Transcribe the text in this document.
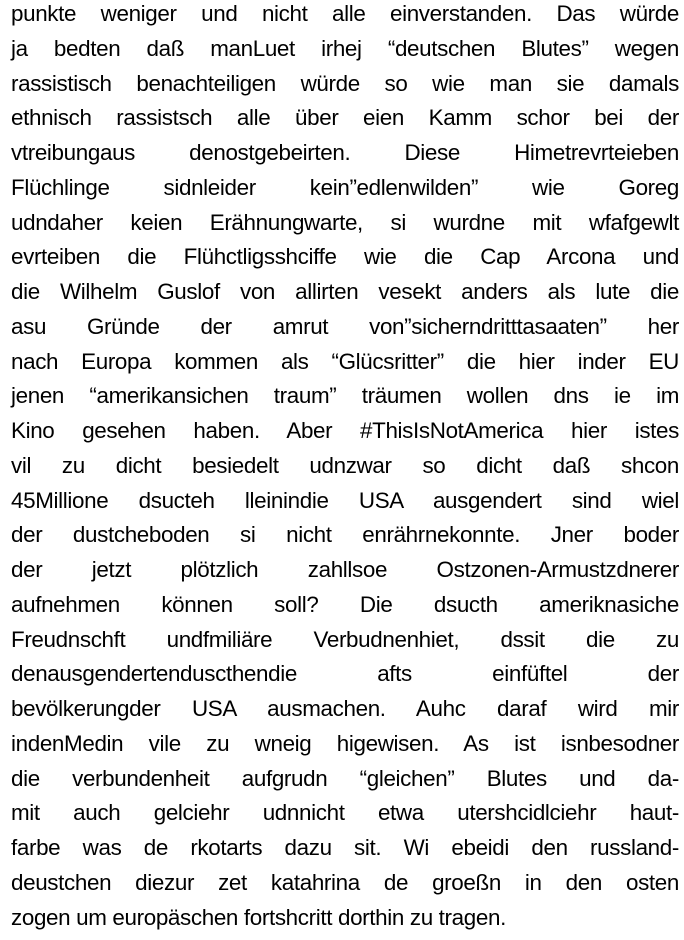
punkte weniger und nicht alle einverstanden. Das würde
ja bedten daß manLuet irhej “deutschen Blutes” wegen
rassistisch benachteiligen würde so wie man sie damals
ethnisch rassistsch alle über eien Kamm schor bei der
vtreibungaus denostgebeirten. Diese Himetrevrteieben
Flüchlinge sidnleider kein”edlenwilden” wie Goreg
udndaher keien Erähnungwarte, si wurdne mit wfafgewlt
evrteiben die Flühctligsshciffe wie die Cap Arcona und
die Wilhelm Guslof von allirten vesekt anders als lute die
asu Gründe der amrut von”sicherndritttasaaten” her
nach Europa kommen als “Glücsritter” die hier inder EU
jenen “amerikansichen traum” träumen wollen dns ie im
Kino gesehen haben. Aber #ThisIsNotAmerica hier istes
vil zu dicht besiedelt udnzwar so dicht daß shcon
45Millione dsucteh lleinindie USA ausgendert sind wiel
der dustcheboden si nicht enrährnekonnte. Jner boder
der jetzt plötzlich zahllsoe Ostzonen-Armustzdnerer
aufnehmen können soll? Die dsucth ameriknasiche
Freudnschft undfmiliäre Verbudnenhiet, dssit die zu
denausgendertenduscthendie afts einfüftel der
bevölkerungder USA ausmachen. Auhc daraf wird mir
indenMedin vile zu wneig higewisen. As ist isnbesodner
die verbundenheit aufgrudn “gleichen” Blutes und da-
mit auch gelciehr udnnicht etwa utershcidlciehr haut-
farbe was de rkotarts dazu sit. Wi ebeidi den russland-
deustchen diezur zet katahrina de groeßn in den osten
zogen um europäschen fortshcritt dorthin zu tragen.
